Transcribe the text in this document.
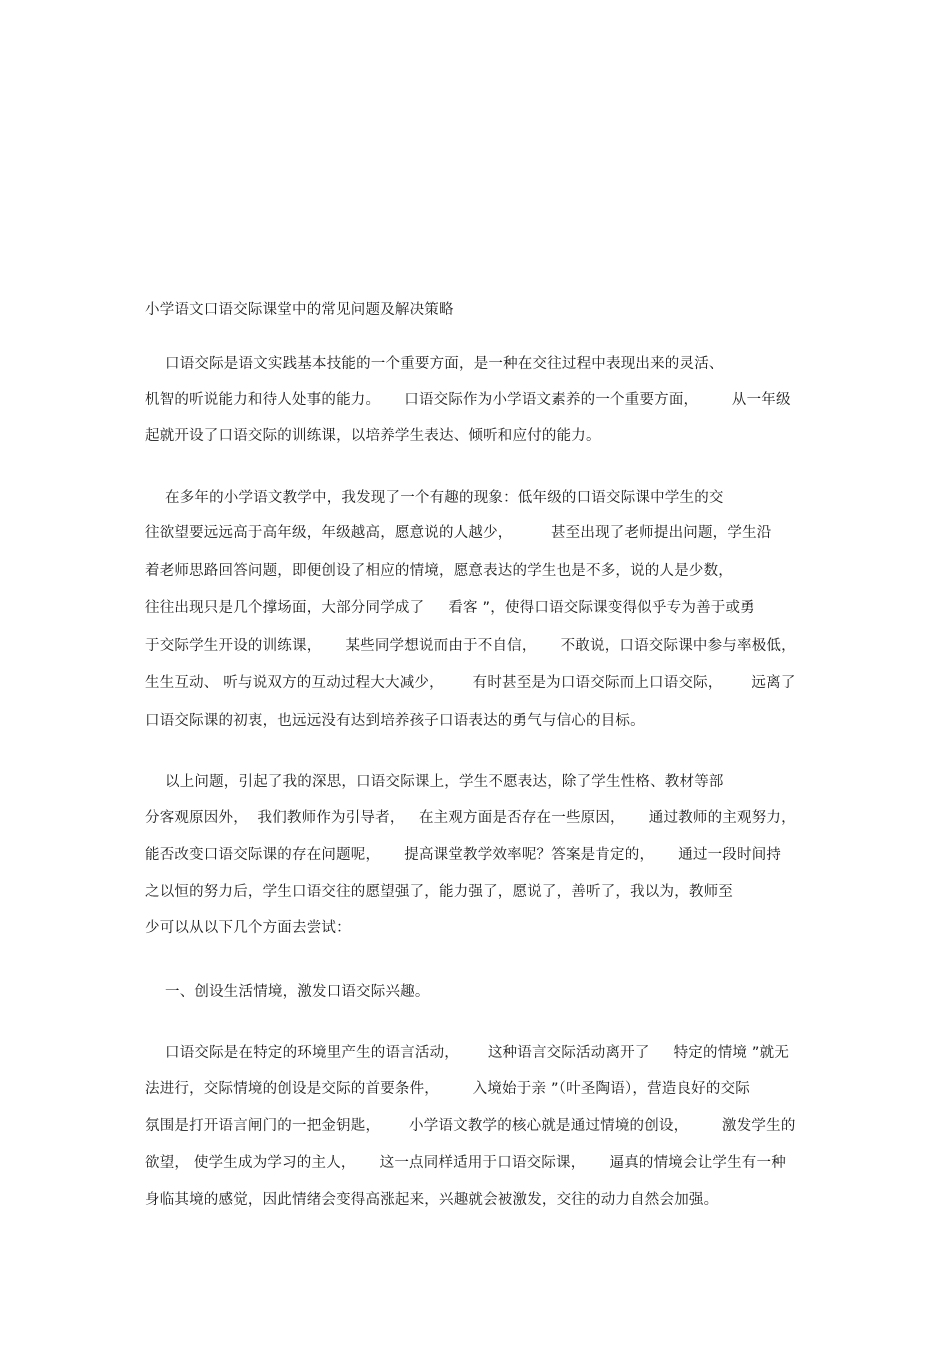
小学语文口语交际课堂中的常见问题及解决策略
口语交际是语文实践基本技能的一个重要方面，是一种在交往过程中表现出来的灵活、
机智的听说能力和待人处事的能力。     口语交际作为小学语文素养的一个重要方面，       从一年级
起就开设了口语交际的训练课，以培养学生表达、倾听和应付的能力。
在多年的小学语文教学中，我发现了一个有趣的现象：低年级的口语交际课中学生的交
往欲望要远远高于高年级，年级越高，愿意说的人越少，        甚至出现了老师提出问题，学生沿
着老师思路回答问题，即便创设了相应的情境，愿意表达的学生也是不多，说的人是少数，
往往出现只是几个撑场面，大部分同学成了     看客 ”，使得口语交际课变得似乎专为善于或勇
于交际学生开设的训练课，     某些同学想说而由于不自信，     不敢说，口语交际课中参与率极低，
生生互动、 听与说双方的互动过程大大减少，      有时甚至是为口语交际而上口语交际，      远离了
口语交际课的初衷，也远远没有达到培养孩子口语表达的勇气与信心的目标。
以上问题，引起了我的深思，口语交际课上，学生不愿表达，除了学生性格、教材等部
分客观原因外，  我们教师作为引导者，   在主观方面是否存在一些原因，     通过教师的主观努力，
能否改变口语交际课的存在问题呢，     提高课堂教学效率呢？答案是肯定的，     通过一段时间持
之以恒的努力后，学生口语交往的愿望强了，能力强了，愿说了，善听了，我以为，教师至
少可以从以下几个方面去尝试：
一、创设生活情境，激发口语交际兴趣。
口语交际是在特定的环境里产生的语言活动，      这种语言交际活动离开了     特定的情境 ”就无
法进行，交际情境的创设是交际的首要条件，       入境始于亲 ”（叶圣陶语），营造良好的交际
氛围是打开语言闸门的一把金钥匙，      小学语文教学的核心就是通过情境的创设，       激发学生的
欲望， 使学生成为学习的主人，     这一点同样适用于口语交际课，     逼真的情境会让学生有一种
身临其境的感觉，因此情绪会变得高涨起来，兴趣就会被激发，交往的动力自然会加强。
